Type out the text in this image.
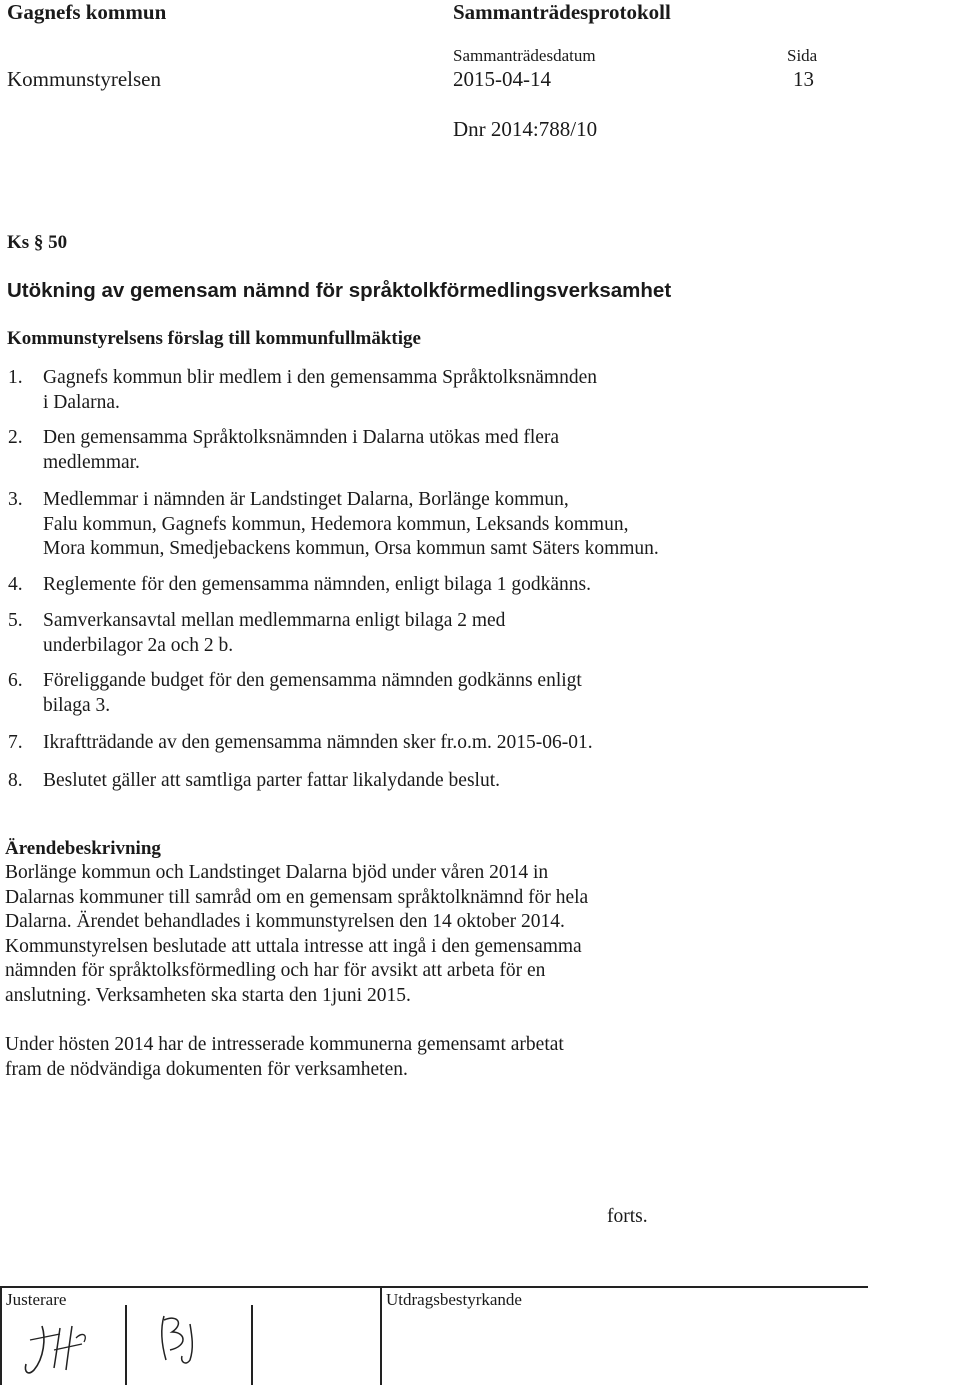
Gagnefs kommun	Sammanträdesprotokoll
Sammanträdesdatum	Sida
Kommunstyrelsen	2015-04-14	13
Dnr 2014:788/10
Ks § 50
Utökning av gemensam nämnd för språktolkförmedlingsverksamhet
Kommunstyrelsens förslag till kommunfullmäktige
1. Gagnefs kommun blir medlem i den gemensamma Språktolksnämnden
i Dalarna.
2. Den gemensamma Språktolksnämnden i Dalarna utökas med flera
medlemmar.
3. Medlemmar i nämnden är Landstinget Dalarna, Borlänge kommun,
Falu kommun, Gagnefs kommun, Hedemora kommun, Leksands kommun,
Mora kommun, Smedjebackens kommun, Orsa kommun samt Säters kommun.
4. Reglemente för den gemensamma nämnden, enligt bilaga 1 godkänns.
5. Samverkansavtal mellan medlemmarna enligt bilaga 2 med
underbilagor 2a och 2 b.
6. Föreliggande budget för den gemensamma nämnden godkänns enligt
bilaga 3.
7. Ikraftträdande av den gemensamma nämnden sker fr.o.m. 2015-06-01.
8. Beslutet gäller att samtliga parter fattar likalydande beslut.
Ärendebeskrivning
Borlänge kommun och Landstinget Dalarna bjöd under våren 2014 in
Dalarnas kommuner till samråd om en gemensam språktolknämnd för hela
Dalarna. Ärendet behandlades i kommunstyrelsen den 14 oktober 2014.
Kommunstyrelsen beslutade att uttala intresse att ingå i den gemensamma
nämnden för språktolksförmedling och har för avsikt att arbeta för en
anslutning. Verksamheten ska starta den 1juni 2015.
Under hösten 2014 har de intresserade kommunerna gemensamt arbetat
fram de nödvändiga dokumenten för verksamheten.
forts.
Justerare	Utdragsbestyrkande
